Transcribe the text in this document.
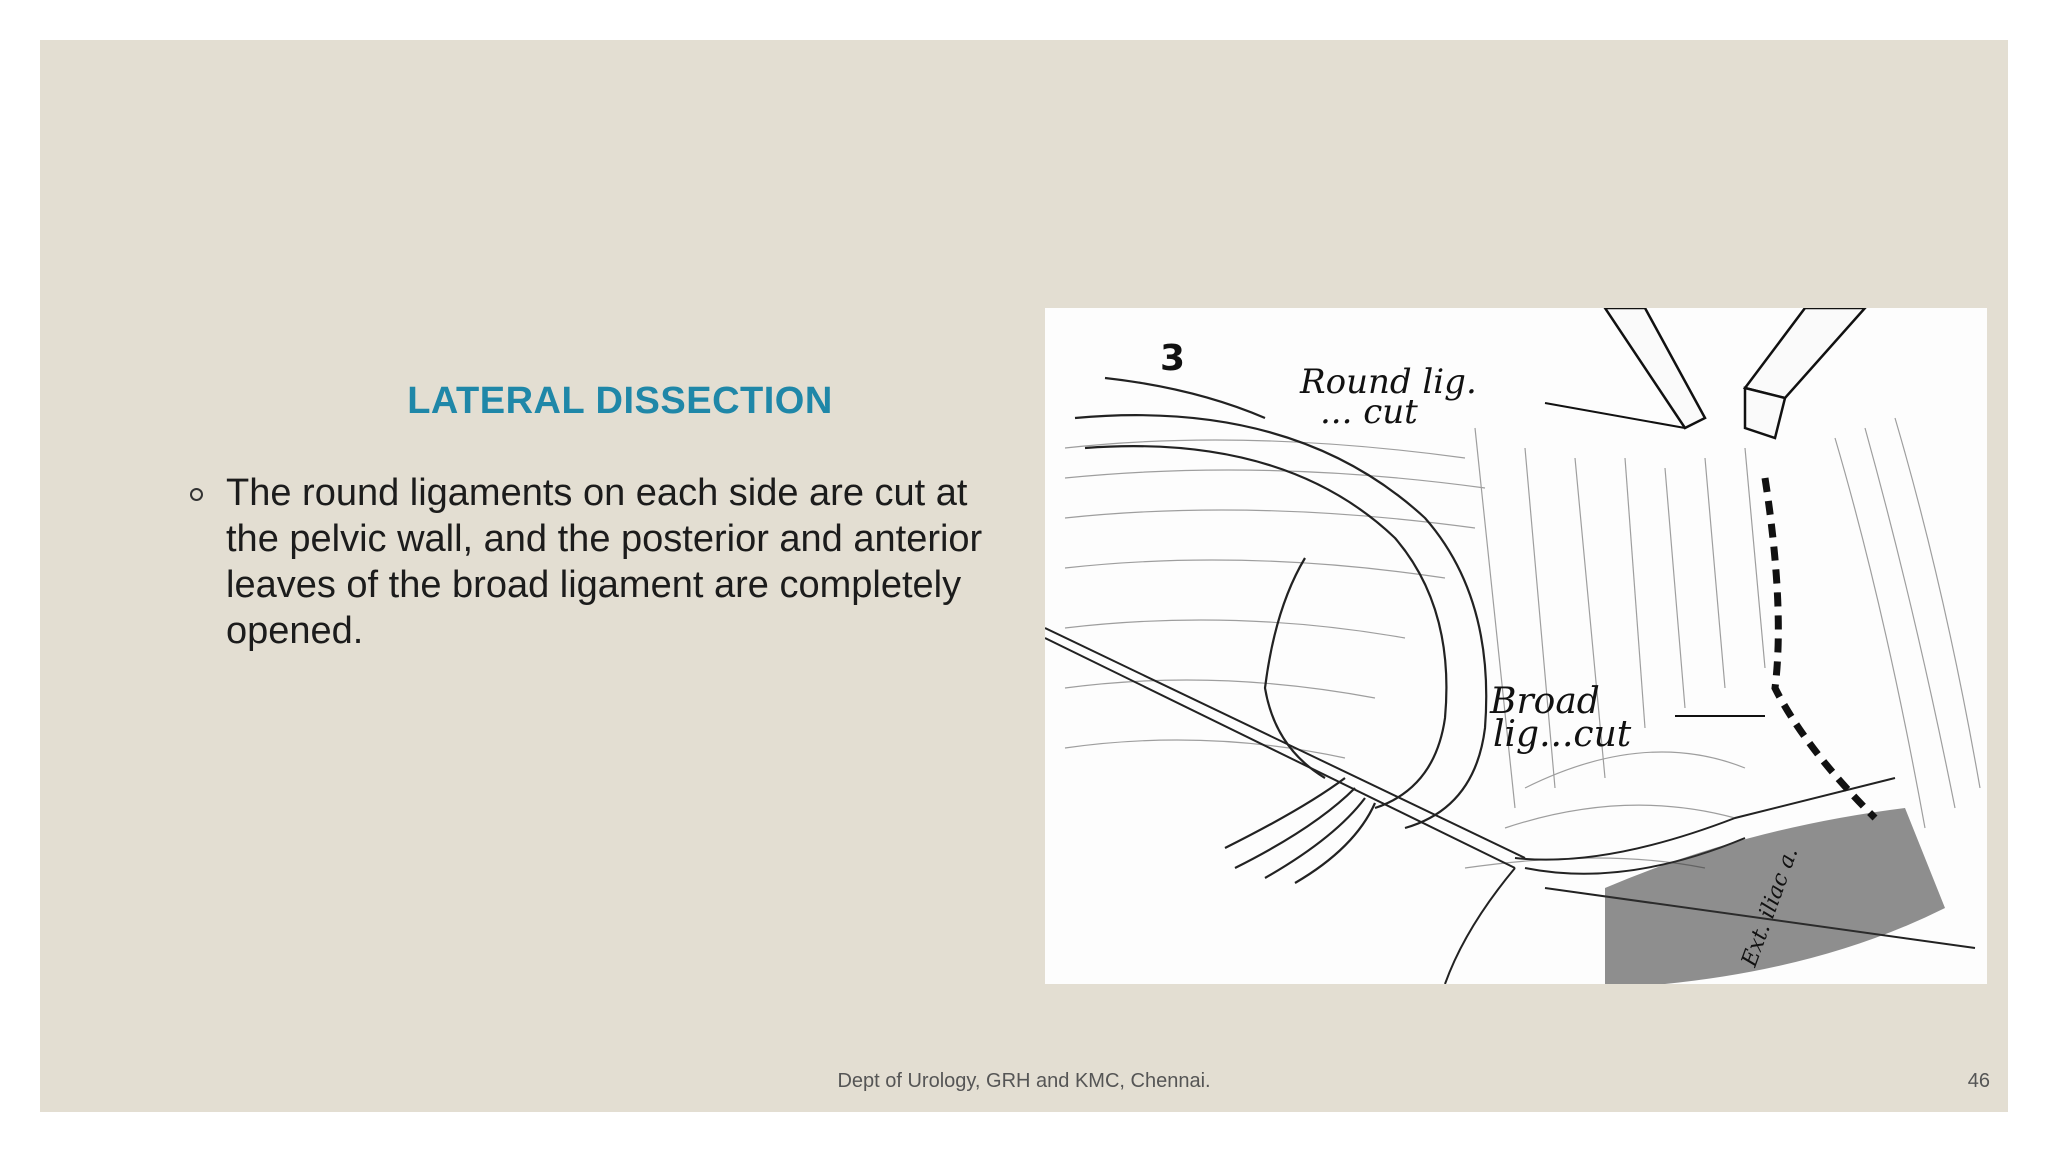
LATERAL DISSECTION
The round ligaments on each side are cut at the pelvic wall, and the posterior and anterior leaves of the broad ligament are completely opened.
3
Round lig.
... cut
Broad
lig...cut
Ext. iliac a.
Dept of Urology, GRH and KMC, Chennai.	46
